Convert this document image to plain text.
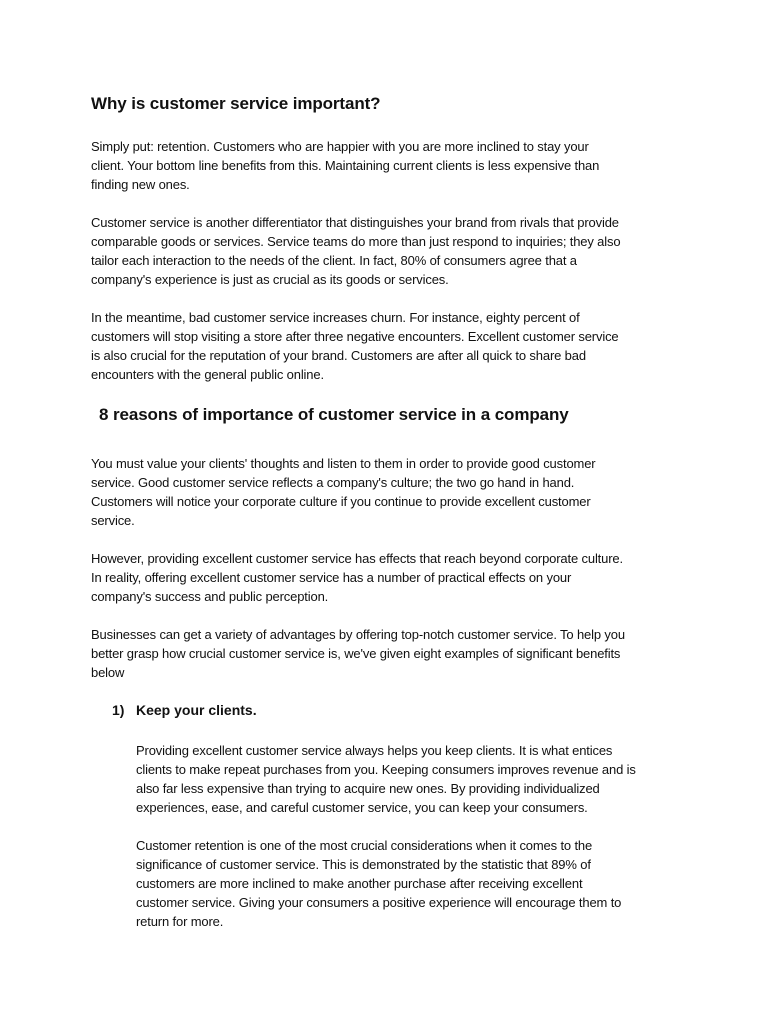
Why is customer service important?
Simply put: retention. Customers who are happier with you are more inclined to stay your
client. Your bottom line benefits from this. Maintaining current clients is less expensive than
finding new ones.
Customer service is another differentiator that distinguishes your brand from rivals that provide
comparable goods or services. Service teams do more than just respond to inquiries; they also
tailor each interaction to the needs of the client. In fact, 80% of consumers agree that a
company's experience is just as crucial as its goods or services.
In the meantime, bad customer service increases churn. For instance, eighty percent of
customers will stop visiting a store after three negative encounters. Excellent customer service
is also crucial for the reputation of your brand. Customers are after all quick to share bad
encounters with the general public online.
8 reasons of importance of customer service in a company
You must value your clients' thoughts and listen to them in order to provide good customer
service. Good customer service reflects a company's culture; the two go hand in hand.
Customers will notice your corporate culture if you continue to provide excellent customer
service.
However, providing excellent customer service has effects that reach beyond corporate culture.
In reality, offering excellent customer service has a number of practical effects on your
company's success and public perception.
Businesses can get a variety of advantages by offering top-notch customer service. To help you
better grasp how crucial customer service is, we've given eight examples of significant benefits
below
1) Keep your clients.
Providing excellent customer service always helps you keep clients. It is what entices
clients to make repeat purchases from you. Keeping consumers improves revenue and is
also far less expensive than trying to acquire new ones. By providing individualized
experiences, ease, and careful customer service, you can keep your consumers.
Customer retention is one of the most crucial considerations when it comes to the
significance of customer service. This is demonstrated by the statistic that 89% of
customers are more inclined to make another purchase after receiving excellent
customer service. Giving your consumers a positive experience will encourage them to
return for more.
